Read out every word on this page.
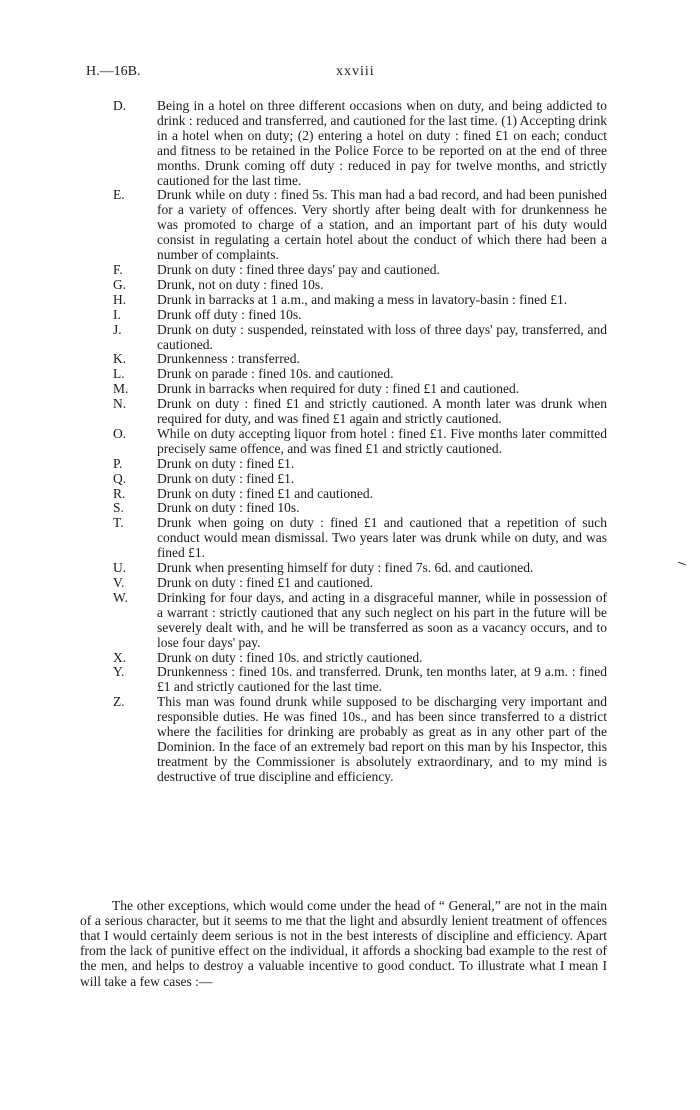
H.—16B.	xxviii
D. Being in a hotel on three different occasions when on duty, and being addicted to drink : reduced and transferred, and cautioned for the last time. (1) Accepting drink in a hotel when on duty; (2) entering a hotel on duty : fined £1 on each; conduct and fitness to be retained in the Police Force to be reported on at the end of three months. Drunk coming off duty : reduced in pay for twelve months, and strictly cautioned for the last time.
E. Drunk while on duty : fined 5s. This man had a bad record, and had been punished for a variety of offences. Very shortly after being dealt with for drunkenness he was promoted to charge of a station, and an important part of his duty would consist in regulating a certain hotel about the conduct of which there had been a number of complaints.
F.	Drunk on duty : fined three days' pay and cautioned.
G. Drunk, not on duty : fined 10s.
H. Drunk in barracks at 1 a.m., and making a mess in lavatory-basin : fined £1.
I.	Drunk off duty : fined 10s.
J.	Drunk on duty : suspended, reinstated with loss of three days' pay, transferred, and cautioned.
K. Drunkenness : transferred.
L. Drunk on parade : fined 10s. and cautioned.
M. Drunk in barracks when required for duty : fined £1 and cautioned.
N. Drunk on duty : fined £1 and strictly cautioned. A month later was drunk when required for duty, and was fined £1 again and strictly cautioned.
O. While on duty accepting liquor from hotel : fined £1. Five months later committed precisely same offence, and was fined £1 and strictly cautioned.
P.	Drunk on duty : fined £1.
Q. Drunk on duty : fined £1.
R. Drunk on duty : fined £1 and cautioned.
S. Drunk on duty : fined 10s.
T. Drunk when going on duty : fined £1 and cautioned that a repetition of such conduct would mean dismissal. Two years later was drunk while on duty, and was fined £1.
U. Drunk when presenting himself for duty : fined 7s. 6d. and cautioned.
V. Drunk on duty : fined £1 and cautioned.
W. Drinking for four days, and acting in a disgraceful manner, while in possession of a warrant : strictly cautioned that any such neglect on his part in the future will be severely dealt with, and he will be transferred as soon as a vacancy occurs, and to lose four days' pay.
X. Drunk on duty : fined 10s. and strictly cautioned.
Y. Drunkenness : fined 10s. and transferred. Drunk, ten months later, at 9 a.m. : fined £1 and strictly cautioned for the last time.
Z. This man was found drunk while supposed to be discharging very important and responsible duties. He was fined 10s., and has been since transferred to a district where the facilities for drinking are probably as great as in any other part of the Dominion. In the face of an extremely bad report on this man by his Inspector, this treatment by the Commissioner is absolutely extraordinary, and to my mind is destructive of true discipline and efficiency.

The other exceptions, which would come under the head of “ General,” are not in the main of a serious character, but it seems to me that the light and absurdly lenient treatment of offences that I would certainly deem serious is not in the best interests of discipline and efficiency. Apart from the lack of punitive effect on the individual, it affords a shocking bad example to the rest of the men, and helps to destroy a valuable incentive to good conduct. To illustrate what I mean I will take a few cases :—
